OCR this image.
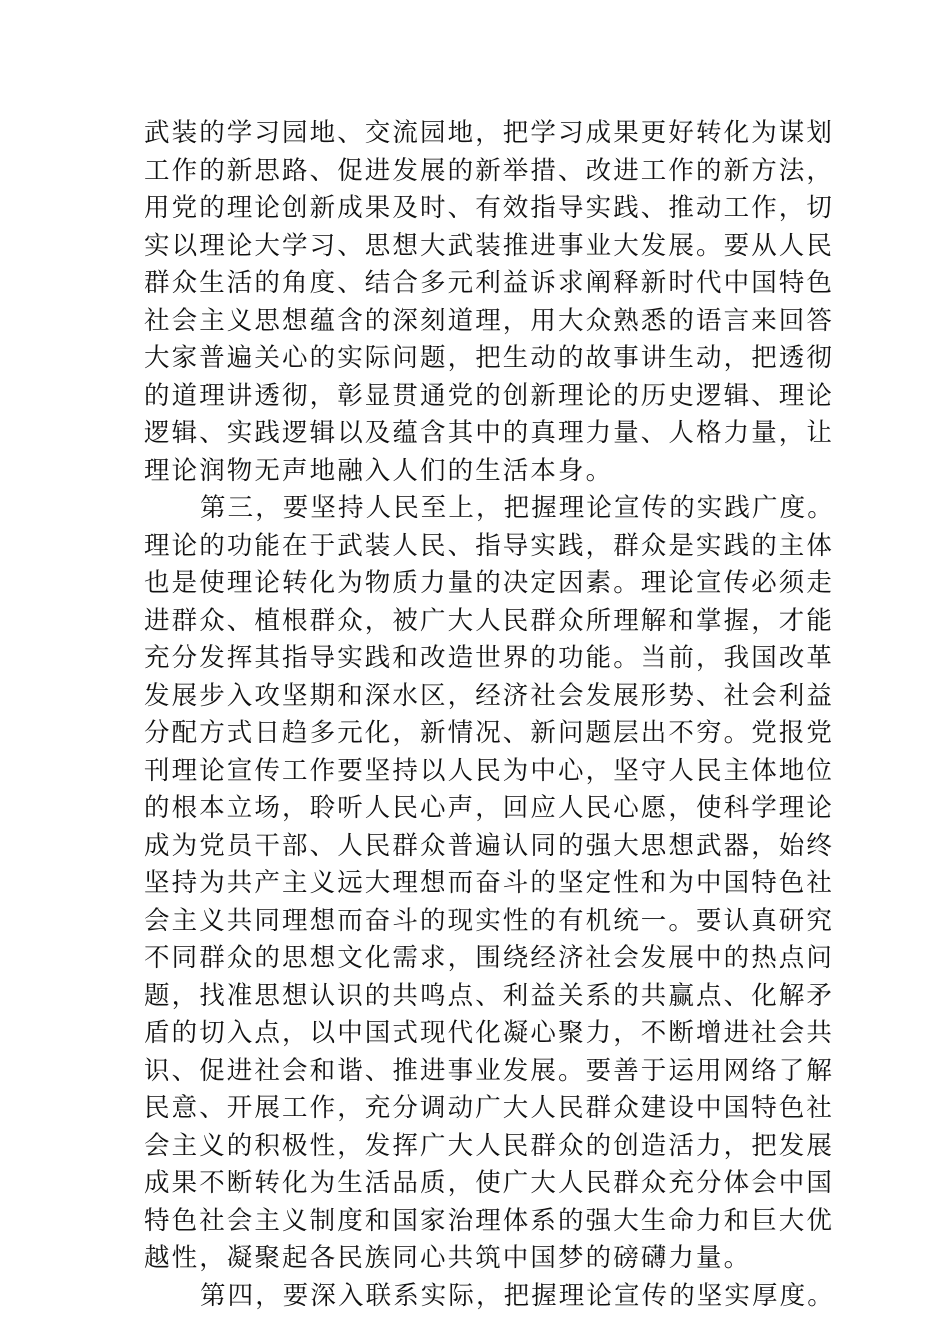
武装的学习园地、交流园地，把学习成果更好转化为谋划
工作的新思路、促进发展的新举措、改进工作的新方法，
用党的理论创新成果及时、有效指导实践、推动工作，切
实以理论大学习、思想大武装推进事业大发展。要从人民
群众生活的角度、结合多元利益诉求阐释新时代中国特色
社会主义思想蕴含的深刻道理，用大众熟悉的语言来回答
大家普遍关心的实际问题，把生动的故事讲生动，把透彻
的道理讲透彻，彰显贯通党的创新理论的历史逻辑、理论
逻辑、实践逻辑以及蕴含其中的真理力量、人格力量，让
理论润物无声地融入人们的生活本身。
第三，要坚持人民至上，把握理论宣传的实践广度。
理论的功能在于武装人民、指导实践，群众是实践的主体
也是使理论转化为物质力量的决定因素。理论宣传必须走
进群众、植根群众，被广大人民群众所理解和掌握，才能
充分发挥其指导实践和改造世界的功能。当前，我国改革
发展步入攻坚期和深水区，经济社会发展形势、社会利益
分配方式日趋多元化，新情况、新问题层出不穷。党报党
刊理论宣传工作要坚持以人民为中心，坚守人民主体地位
的根本立场，聆听人民心声，回应人民心愿，使科学理论
成为党员干部、人民群众普遍认同的强大思想武器，始终
坚持为共产主义远大理想而奋斗的坚定性和为中国特色社
会主义共同理想而奋斗的现实性的有机统一。要认真研究
不同群众的思想文化需求，围绕经济社会发展中的热点问
题，找准思想认识的共鸣点、利益关系的共赢点、化解矛
盾的切入点，以中国式现代化凝心聚力，不断增进社会共
识、促进社会和谐、推进事业发展。要善于运用网络了解
民意、开展工作，充分调动广大人民群众建设中国特色社
会主义的积极性，发挥广大人民群众的创造活力，把发展
成果不断转化为生活品质，使广大人民群众充分体会中国
特色社会主义制度和国家治理体系的强大生命力和巨大优
越性，凝聚起各民族同心共筑中国梦的磅礴力量。
第四，要深入联系实际，把握理论宣传的坚实厚度。
